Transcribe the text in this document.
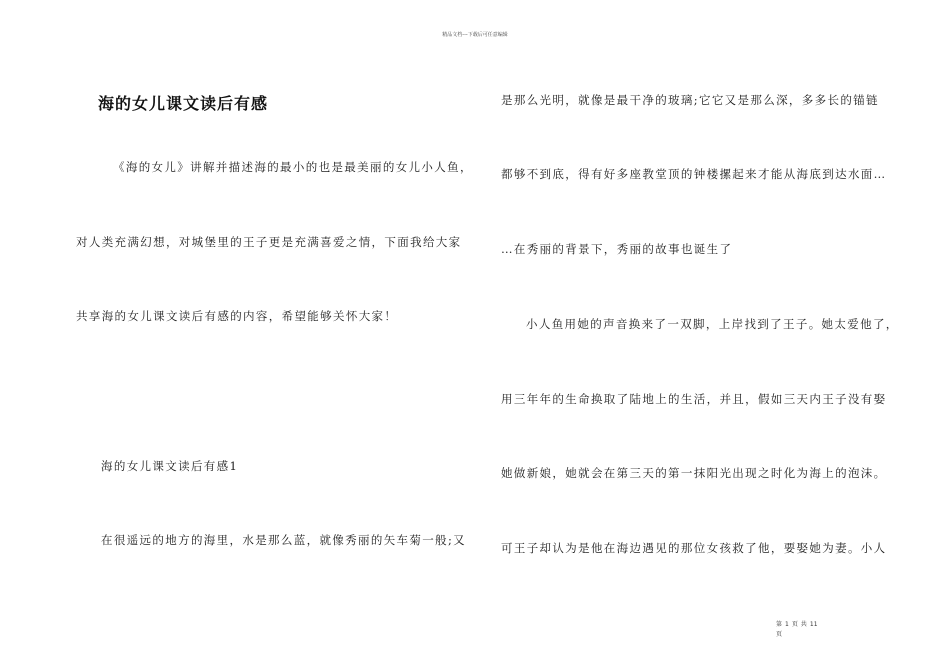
精品文档---下载后可任意编辑
海的女儿课文读后有感
《海的女儿》讲解并描述海的最小的也是最美丽的女儿小人鱼，
对人类充满幻想，对城堡里的王子更是充满喜爱之情，下面我给大家
共享海的女儿课文读后有感的内容，希望能够关怀大家！
海的女儿课文读后有感1
在很遥远的地方的海里，水是那么蓝，就像秀丽的矢车菊一般;又
是那么光明，就像是最干净的玻璃;它它又是那么深，多多长的锚链
都够不到底，得有好多座教堂顶的钟楼摞起来才能从海底到达水面…
…在秀丽的背景下，秀丽的故事也诞生了
小人鱼用她的声音换来了一双脚，上岸找到了王子。她太爱他了，
用三年年的生命换取了陆地上的生活，并且，假如三天内王子没有娶
她做新娘，她就会在第三天的第一抹阳光出现之时化为海上的泡沫。
可王子却认为是他在海边遇见的那位女孩救了他，要娶她为妻。小人
第 1 页 共 11
页
